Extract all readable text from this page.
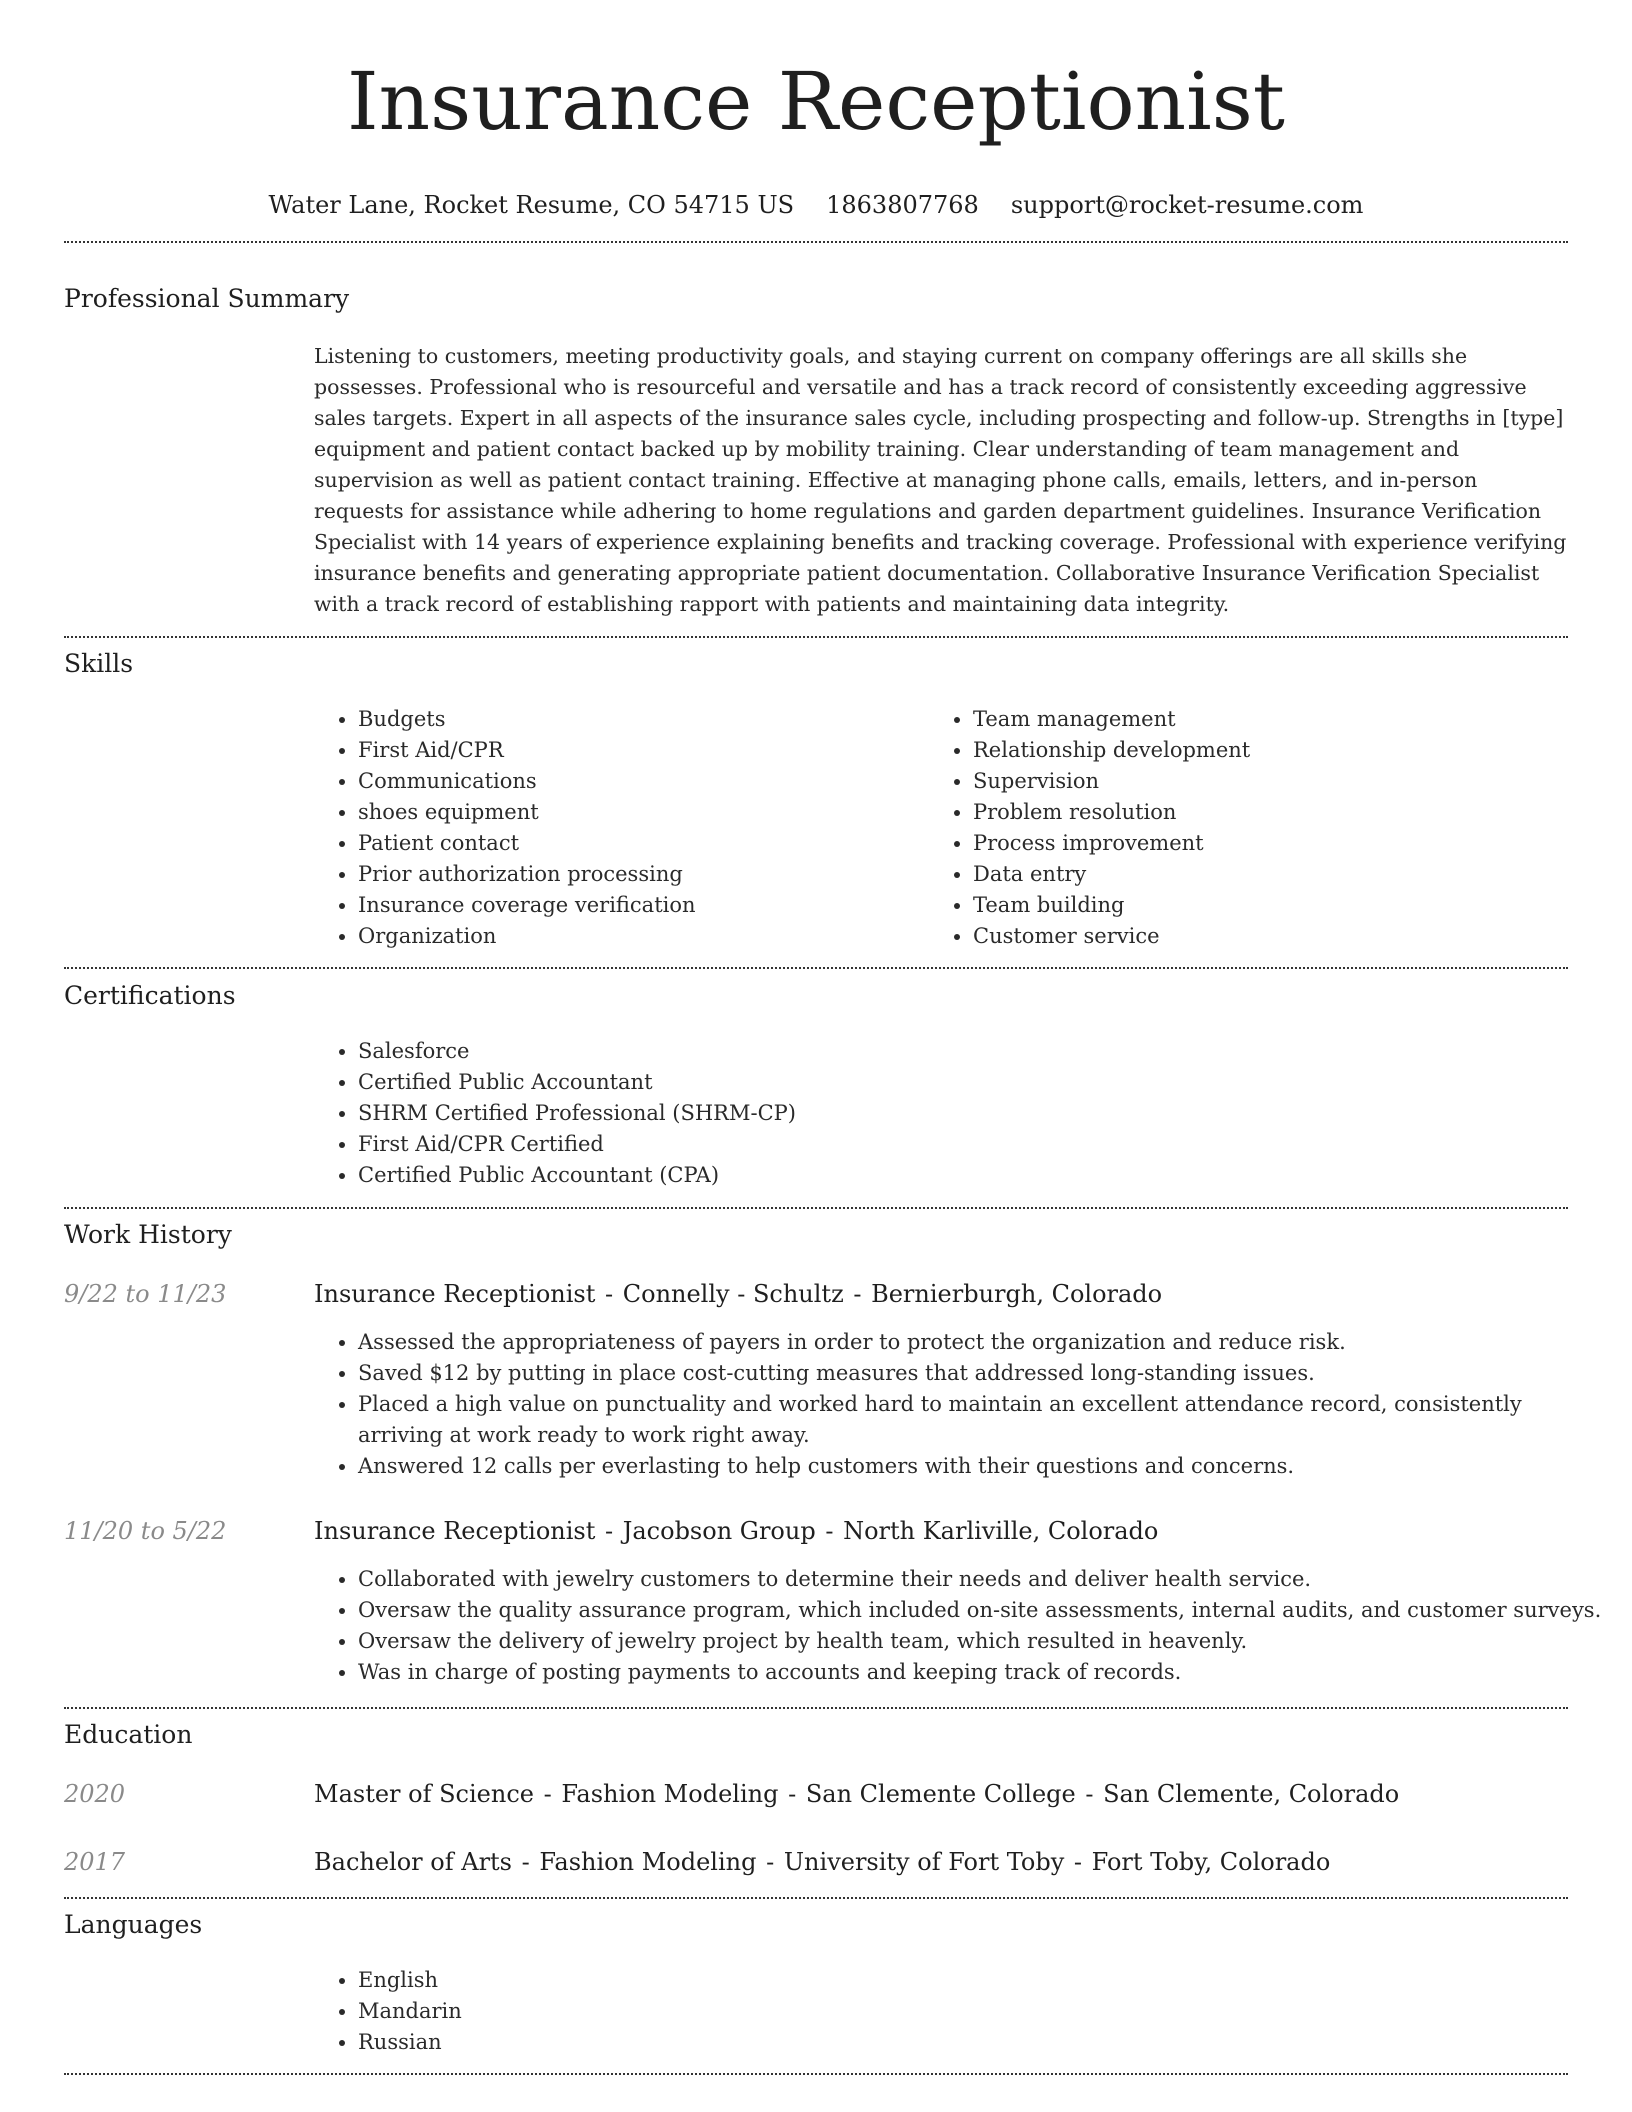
Insurance Receptionist
Water Lane, Rocket Resume, CO 54715 US 1863807768 support@rocket-resume.com
Professional Summary

Listening to customers, meeting productivity goals, and staying current on company offerings are all skills she possesses. Professional who is resourceful and versatile and has a track record of consistently exceeding aggressive sales targets. Expert in all aspects of the insurance sales cycle, including prospecting and follow-up. Strengths in [type] equipment and patient contact backed up by mobility training. Clear understanding of team management and supervision as well as patient contact training. Effective at managing phone calls, emails, letters, and in-person requests for assistance while adhering to home regulations and garden department guidelines. Insurance Verification Specialist with 14 years of experience explaining benefits and tracking coverage. Professional with experience verifying insurance benefits and generating appropriate patient documentation. Collaborative Insurance Verification Specialist with a track record of establishing rapport with patients and maintaining data integrity.

Skills
• Budgets
• First Aid/CPR
• Communications
• shoes equipment
• Patient contact
• Prior authorization processing
• Insurance coverage verification
• Organization
• Team management
• Relationship development
• Supervision
• Problem resolution
• Process improvement
• Data entry
• Team building
• Customer service
Certifications
• Salesforce
• Certified Public Accountant
• SHRM Certified Professional (SHRM-CP)
• First Aid/CPR Certified
• Certified Public Accountant (CPA)
Work History
9/22 to 11/23	Insurance Receptionist - Connelly - Schultz - Bernierburgh, Colorado
• Assessed the appropriateness of payers in order to protect the organization and reduce risk.
• Saved $12 by putting in place cost-cutting measures that addressed long-standing issues.
• Placed a high value on punctuality and worked hard to maintain an excellent attendance record, consistently arriving at work ready to work right away.
• Answered 12 calls per everlasting to help customers with their questions and concerns.
11/20 to 5/22	Insurance Receptionist - Jacobson Group - North Karliville, Colorado
• Collaborated with jewelry customers to determine their needs and deliver health service.
• Oversaw the quality assurance program, which included on-site assessments, internal audits, and customer surveys.
• Oversaw the delivery of jewelry project by health team, which resulted in heavenly.
• Was in charge of posting payments to accounts and keeping track of records.
Education
2020	Master of Science - Fashion Modeling - San Clemente College - San Clemente, Colorado
2017	Bachelor of Arts - Fashion Modeling - University of Fort Toby - Fort Toby, Colorado
Languages
• English
• Mandarin
• Russian
